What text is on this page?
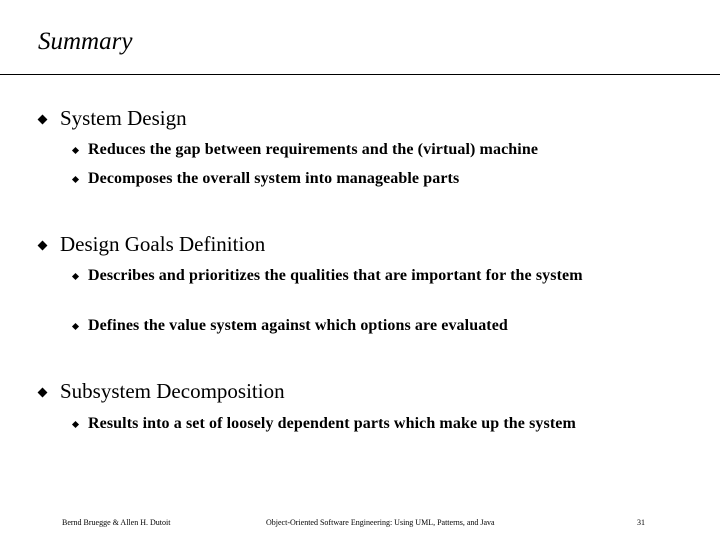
Summary
System Design
Reduces the gap between requirements and the (virtual) machine
Decomposes the overall system into manageable parts
Design Goals Definition
Describes and prioritizes the qualities that are important for the system
Defines the value system against which options are evaluated
Subsystem Decomposition
Results into a set of loosely dependent parts which make up the system
Bernd Bruegge & Allen H. Dutoit	Object-Oriented Software Engineering: Using UML, Patterns, and Java	31
